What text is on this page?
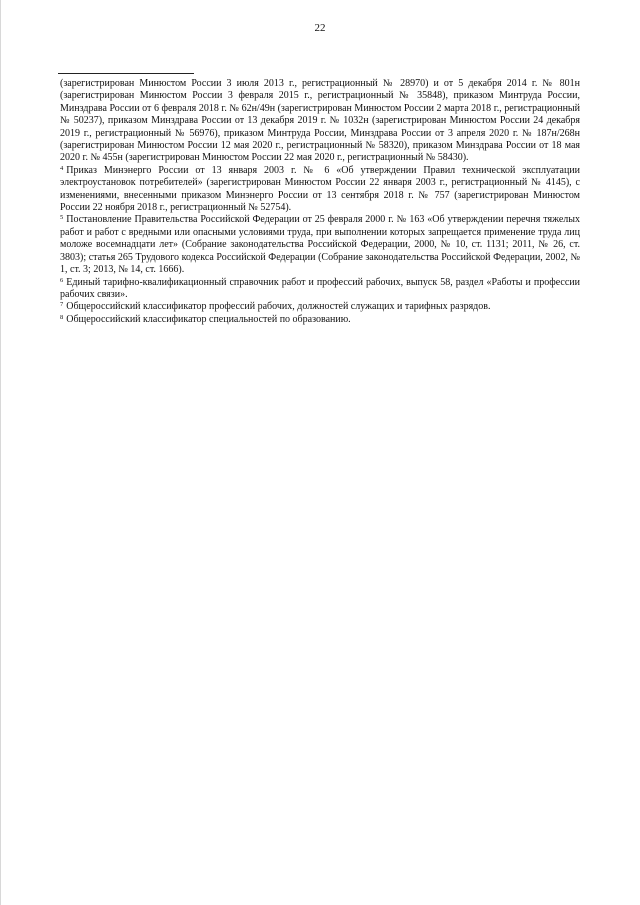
22

(зарегистрирован Минюстом России 3 июля 2013 г., регистрационный № 28970) и от 5 декабря 2014 г. № 801н (зарегистрирован Минюстом России 3 февраля 2015 г., регистрационный № 35848), приказом Минтруда России, Минздрава России от 6 февраля 2018 г. № 62н/49н (зарегистрирован Минюстом России 2 марта 2018 г., регистрационный № 50237), приказом Минздрава России от 13 декабря 2019 г. № 1032н (зарегистрирован Минюстом России 24 декабря 2019 г., регистрационный № 56976), приказом Минтруда России, Минздрава России от 3 апреля 2020 г. № 187н/268н (зарегистрирован Минюстом России 12 мая 2020 г., регистрационный № 58320), приказом Минздрава России от 18 мая 2020 г. № 455н (зарегистрирован Минюстом России 22 мая 2020 г., регистрационный № 58430).

$^4$ Приказ Минэнерго России от 13 января 2003 г. № 6 «Об утверждении Правил технической эксплуатации электроустановок потребителей» (зарегистрирован Минюстом России 22 января 2003 г., регистрационный № 4145), с изменениями, внесенными приказом Минэнерго России от 13 сентября 2018 г. № 757 (зарегистрирован Минюстом России 22 ноября 2018 г., регистрационный № 52754).

$^5$ Постановление Правительства Российской Федерации от 25 февраля 2000 г. № 163 «Об утверждении перечня тяжелых работ и работ с вредными или опасными условиями труда, при выполнении которых запрещается применение труда лиц моложе восемнадцати лет» (Собрание законодательства Российской Федерации, 2000, № 10, ст. 1131; 2011, № 26, ст. 3803); статья 265 Трудового кодекса Российской Федерации (Собрание законодательства Российской Федерации, 2002, № 1, ст. 3; 2013, № 14, ст. 1666).

$^6$ Единый тарифно-квалификационный справочник работ и профессий рабочих, выпуск 58, раздел «Работы и профессии рабочих связи».

$^7$ Общероссийский классификатор профессий рабочих, должностей служащих и тарифных разрядов.

$^8$ Общероссийский классификатор специальностей по образованию.
